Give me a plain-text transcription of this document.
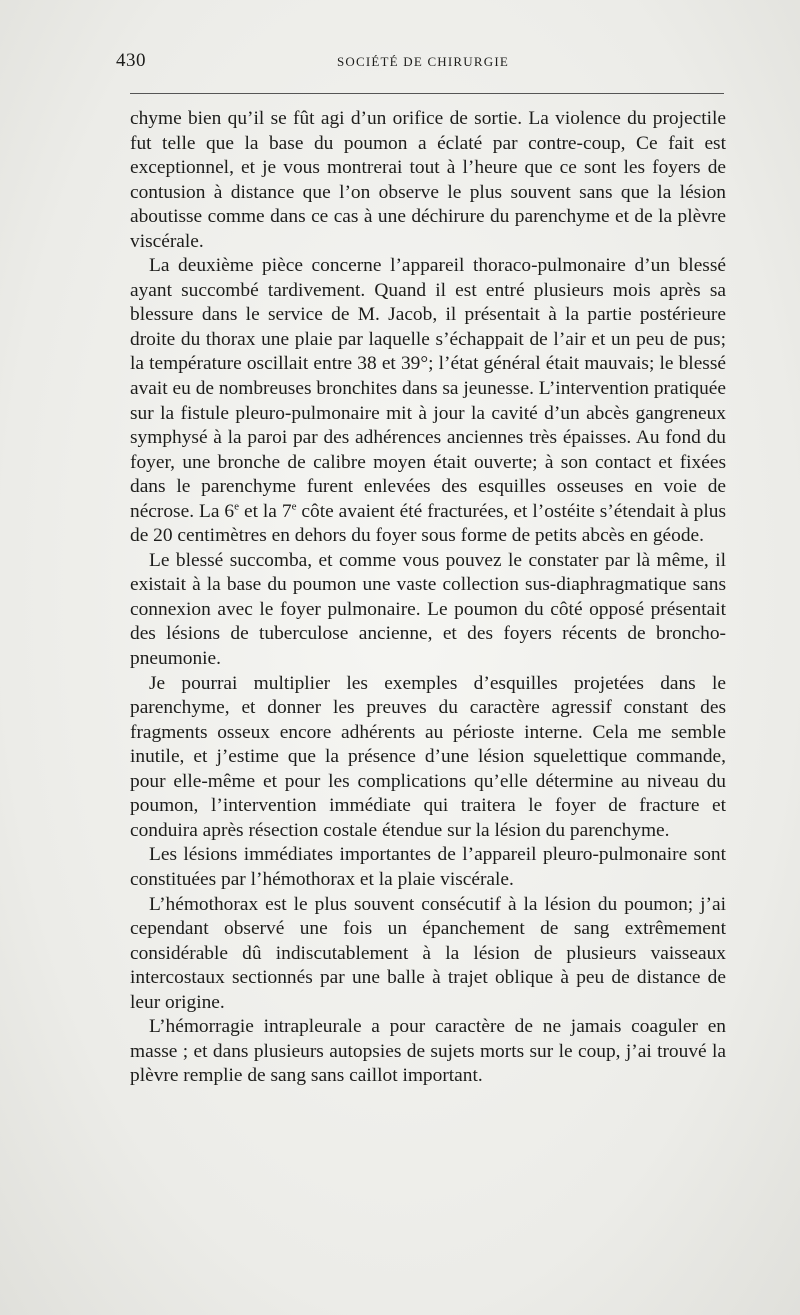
430	SOCIÉTÉ DE CHIRURGIE

chyme bien qu’il se fût agi d’un orifice de sortie. La violence du projectile fut telle que la base du poumon a éclaté par contre-coup, Ce fait est exceptionnel, et je vous montrerai tout à l’heure que ce sont les foyers de contusion à distance que l’on observe le plus souvent sans que la lésion aboutisse comme dans ce cas à une déchirure du parenchyme et de la plèvre viscérale.

La deuxième pièce concerne l’appareil thoraco-pulmonaire d’un blessé ayant succombé tardivement. Quand il est entré plusieurs mois après sa blessure dans le service de M. Jacob, il présentait à la partie postérieure droite du thorax une plaie par laquelle s’échappait de l’air et un peu de pus; la température oscillait entre 38 et 39°; l’état général était mauvais; le blessé avait eu de nombreuses bronchites dans sa jeunesse. L’intervention pratiquée sur la fistule pleuro-pulmonaire mit à jour la cavité d’un abcès gangreneux symphysé à la paroi par des adhérences anciennes très épaisses. Au fond du foyer, une bronche de calibre moyen était ouverte; à son contact et fixées dans le parenchyme furent enlevées des esquilles osseuses en voie de nécrose. La 6e et la 7e côte avaient été fracturées, et l’ostéite s’étendait à plus de 20 centimètres en dehors du foyer sous forme de petits abcès en géode.

Le blessé succomba, et comme vous pouvez le constater par là même, il existait à la base du poumon une vaste collection sus-diaphragmatique sans connexion avec le foyer pulmonaire. Le poumon du côté opposé présentait des lésions de tuberculose ancienne, et des foyers récents de broncho-pneumonie.

Je pourrai multiplier les exemples d’esquilles projetées dans le parenchyme, et donner les preuves du caractère agressif constant des fragments osseux encore adhérents au périoste interne. Cela me semble inutile, et j’estime que la présence d’une lésion squelettique commande, pour elle-même et pour les complications qu’elle détermine au niveau du poumon, l’intervention immédiate qui traitera le foyer de fracture et conduira après résection costale étendue sur la lésion du parenchyme.

Les lésions immédiates importantes de l’appareil pleuro-pulmonaire sont constituées par l’hémothorax et la plaie viscérale.

L’hémothorax est le plus souvent consécutif à la lésion du poumon; j’ai cependant observé une fois un épanchement de sang extrêmement considérable dû indiscutablement à la lésion de plusieurs vaisseaux intercostaux sectionnés par une balle à trajet oblique à peu de distance de leur origine.

L’hémorragie intrapleurale a pour caractère de ne jamais coaguler en masse ; et dans plusieurs autopsies de sujets morts sur le coup, j’ai trouvé la plèvre remplie de sang sans caillot important.
